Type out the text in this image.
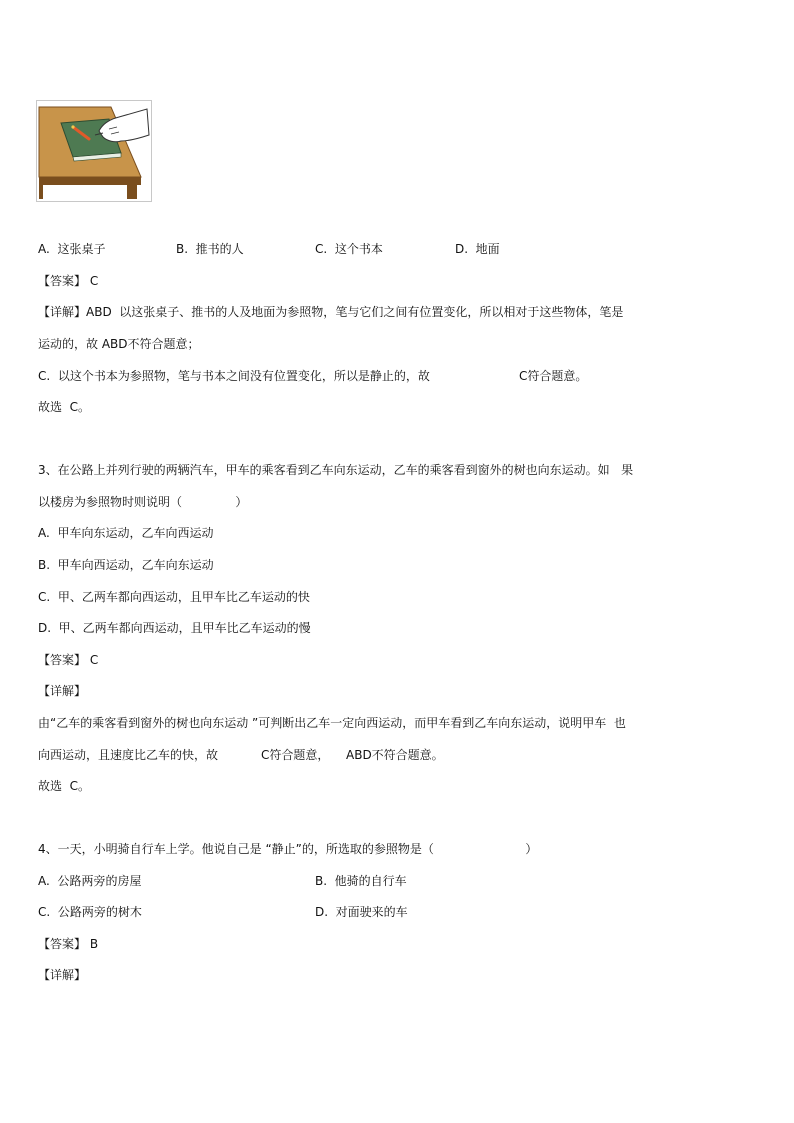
A.  这张桌子	B.  推书的人	C.  这个书本	D.  地面
【答案】 C
【详解】ABD  以这张桌子、推书的人及地面为参照物，笔与它们之间有位置变化，所以相对于这些物体，笔是
运动的，故 ABD不符合题意；
C.  以这个书本为参照物，笔与书本之间没有位置变化，所以是静止的，故	C符合题意。
故选  C。
3、在公路上并列行驶的两辆汽车，甲车的乘客看到乙车向东运动，乙车的乘客看到窗外的树也向东运动。如   果
以楼房为参照物时则说明（              ）
A.  甲车向东运动，乙车向西运动
B.  甲车向西运动，乙车向东运动
C.  甲、乙两车都向西运动，且甲车比乙车运动的快
D.  甲、乙两车都向西运动，且甲车比乙车运动的慢
【答案】 C
【详解】
由“乙车的乘客看到窗外的树也向东运动 ”可判断出乙车一定向西运动，而甲车看到乙车向东运动，说明甲车  也
向西运动，且速度比乙车的快，故	C符合题意， ABD不符合题意。
故选  C。
4、一天，小明骑自行车上学。他说自己是 “静止”的，所选取的参照物是（                        ）
A.  公路两旁的房屋	B.  他骑的自行车
C.  公路两旁的树木	D.  对面驶来的车
【答案】 B
【详解】
